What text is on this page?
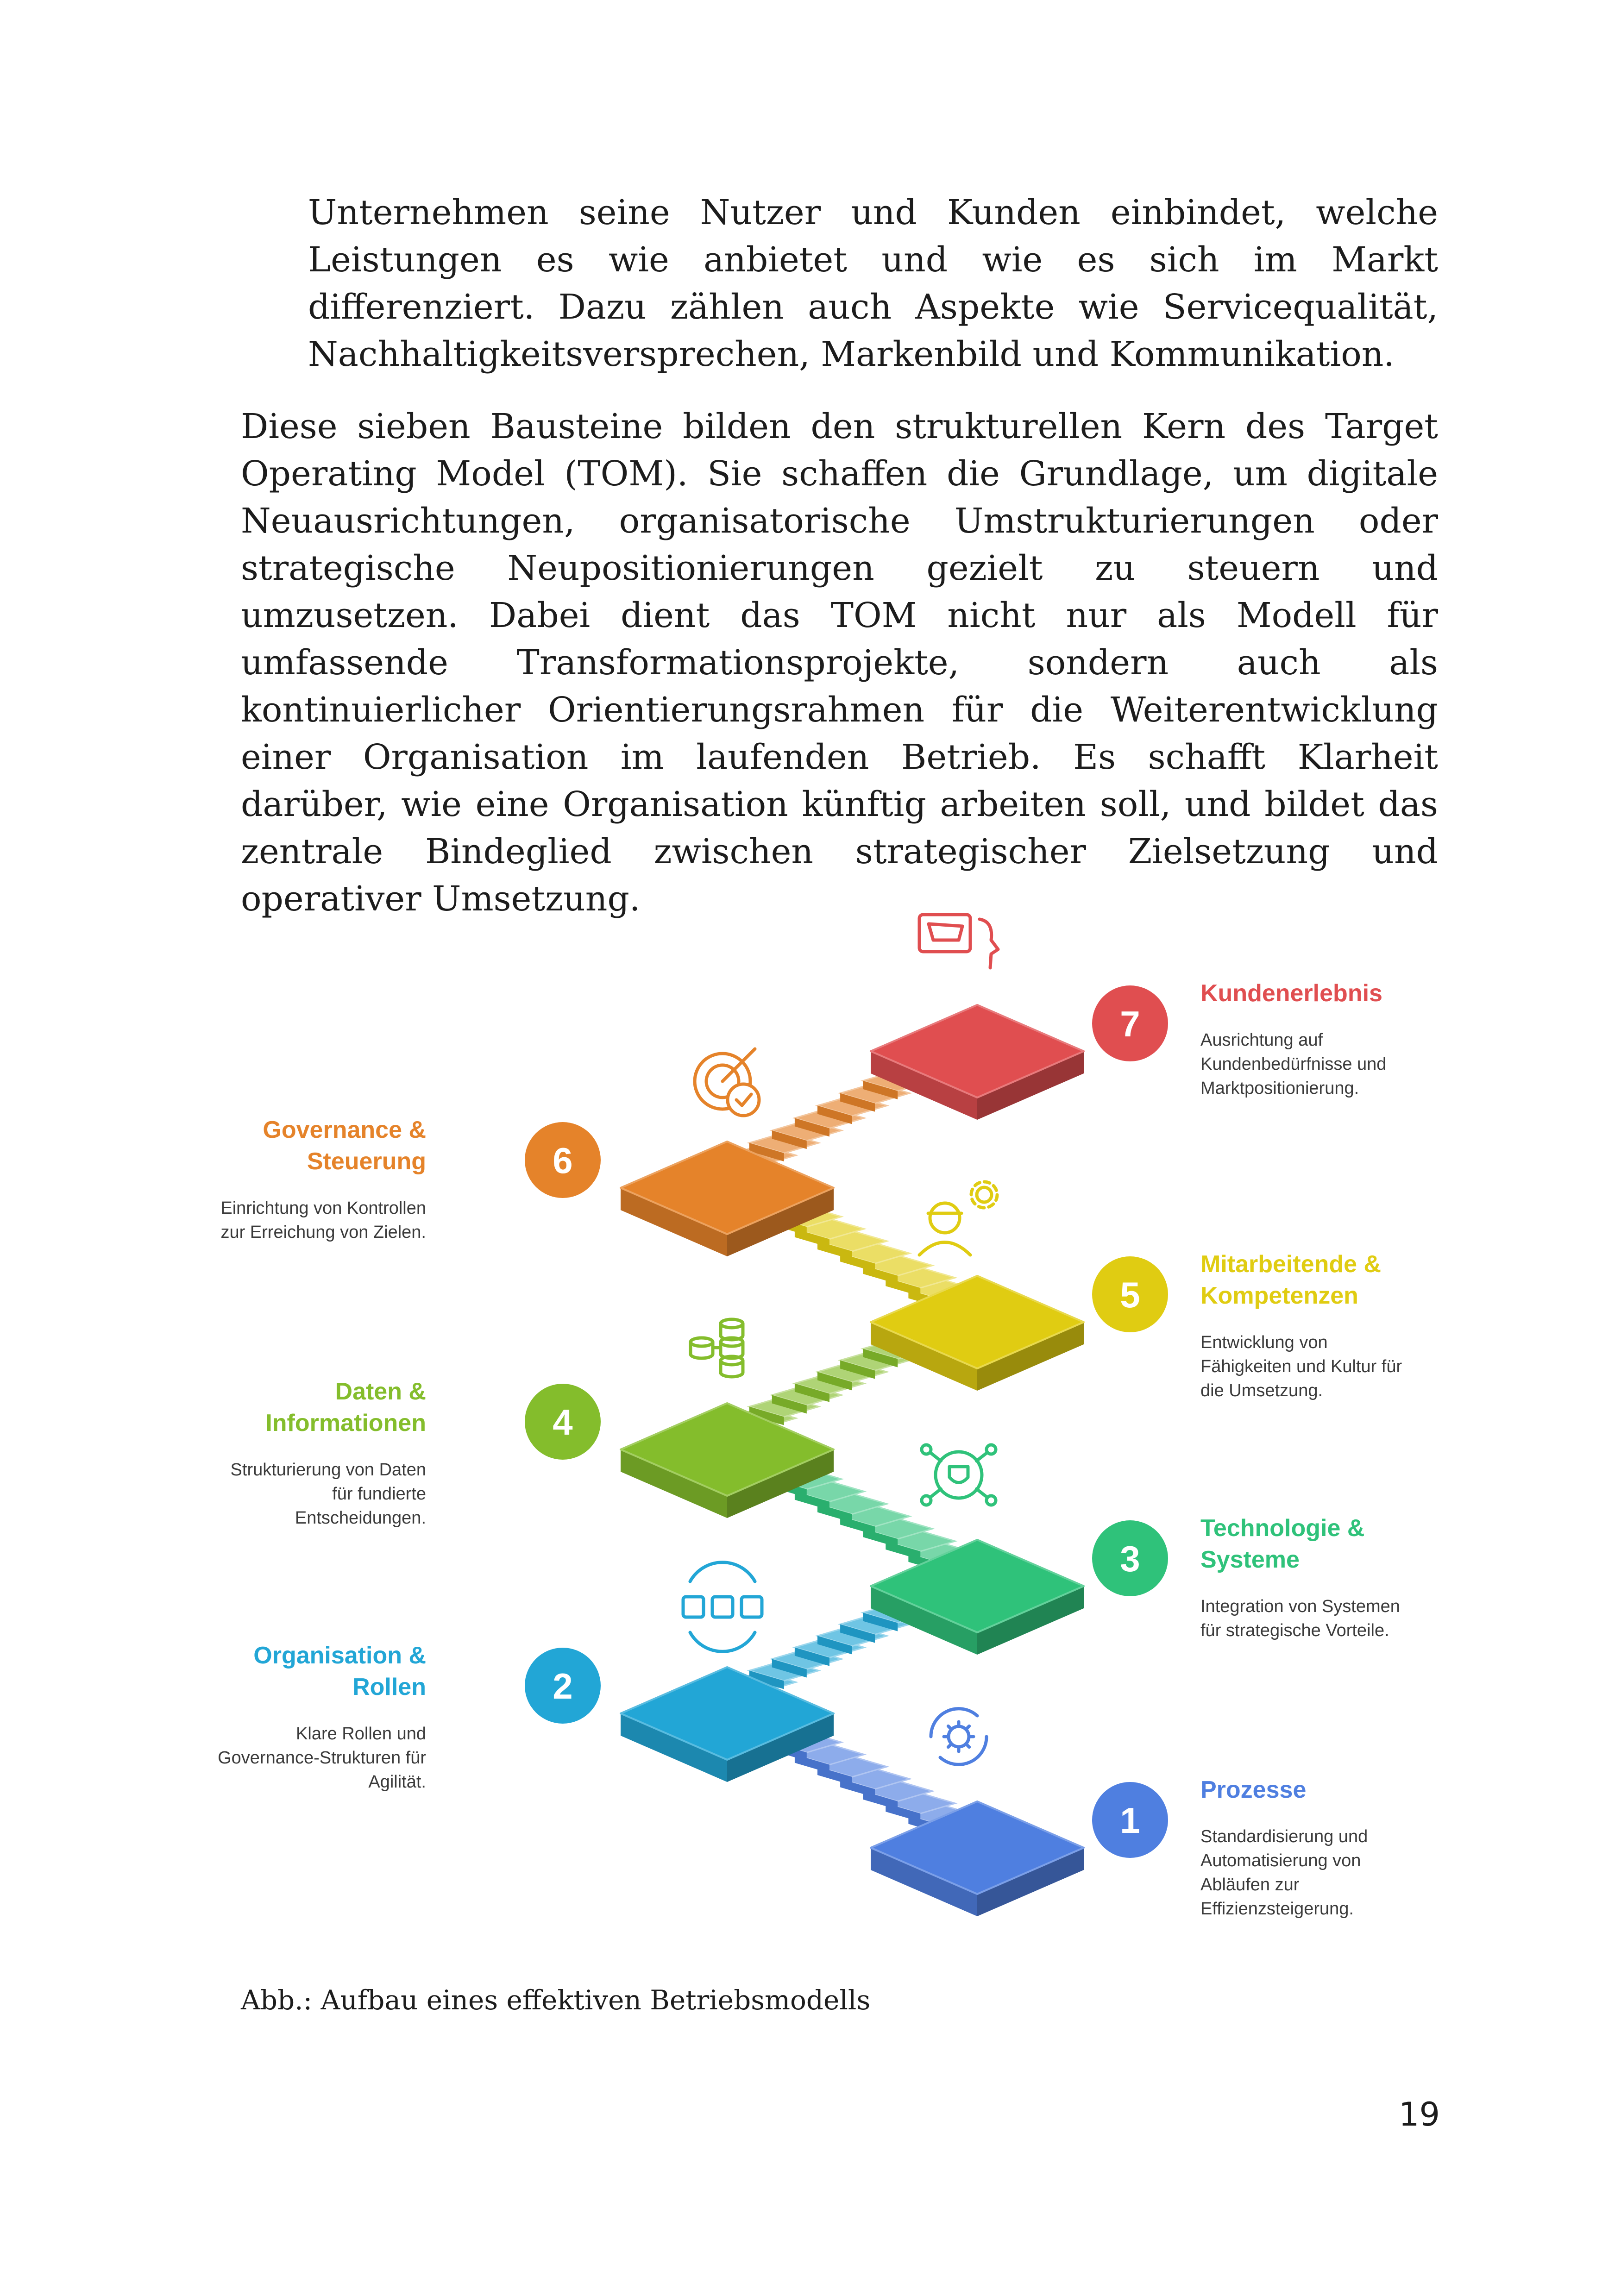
Unternehmen seine Nutzer und Kunden einbindet, welche Leistungen es wie anbietet und wie es sich im Markt differenziert. Dazu zählen auch Aspekte wie Servicequalität, Nachhaltigkeitsversprechen, Markenbild und Kommunikation.

Diese sieben Bausteine bilden den strukturellen Kern des Target Operating Model (TOM). Sie schaffen die Grundlage, um digitale Neuausrichtungen, organisatorische Umstrukturierungen oder strategische Neupositionierungen gezielt zu steuern und umzusetzen. Dabei dient das TOM nicht nur als Modell für umfassende Transformationsprojekte, sondern auch als kontinuierlicher Orientierungsrahmen für die Weiterentwicklung einer Organisation im laufenden Betrieb. Es schafft Klarheit darüber, wie eine Organisation künftig arbeiten soll, und bildet das zentrale Bindeglied zwischen strategischer Zielsetzung und operativer Umsetzung.

1
Prozesse
Standardisierung und
Automatisierung von
Abläufen zur
Effizienzsteigerung.
2
Organisation &
Rollen
Klare Rollen und
Governance-Strukturen für
Agilität.
3
Technologie &
Systeme
Integration von Systemen
für strategische Vorteile.
4
Daten &
Informationen
Strukturierung von Daten
für fundierte
Entscheidungen.
5
Mitarbeitende &
Kompetenzen
Entwicklung von
Fähigkeiten und Kultur für
die Umsetzung.
6
Governance &
Steuerung
Einrichtung von Kontrollen
zur Erreichung von Zielen.
7
Kundenerlebnis
Ausrichtung auf
Kundenbedürfnisse und
Marktpositionierung.

Abb.: Aufbau eines effektiven Betriebsmodells

19
